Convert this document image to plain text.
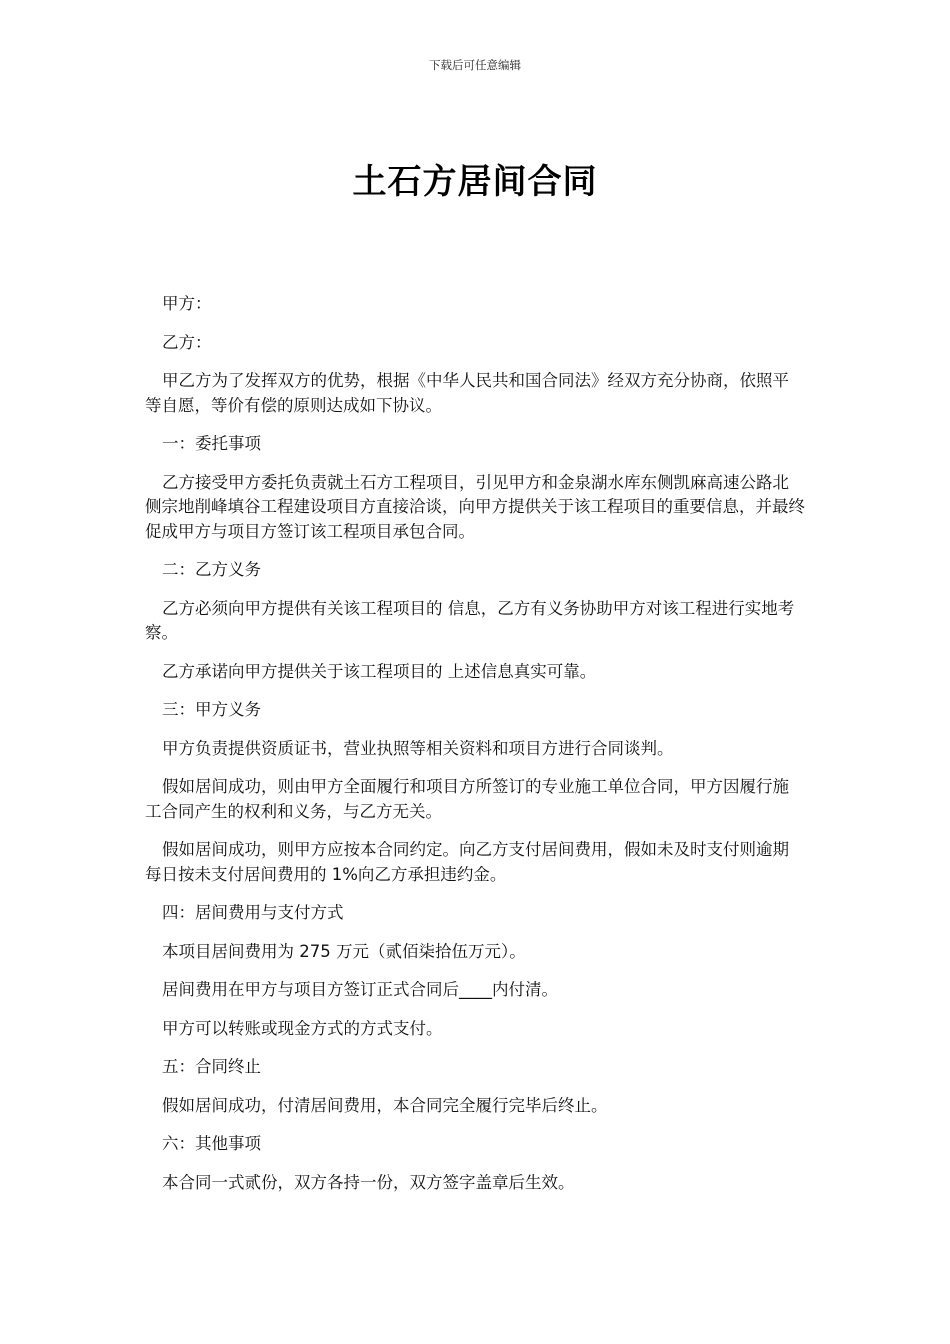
下载后可任意编辑
土石方居间合同

甲方：

乙方：

甲乙方为了发挥双方的优势，根据《中华人民共和国合同法》经双方充分协商，依照平等自愿，等价有偿的原则达成如下协议。

一：委托事项

乙方接受甲方委托负责就土石方工程项目，引见甲方和金泉湖水库东侧凯麻高速公路北侧宗地削峰填谷工程建设项目方直接洽谈，向甲方提供关于该工程项目的重要信息，并最终促成甲方与项目方签订该工程项目承包合同。

二：乙方义务

乙方必须向甲方提供有关该工程项目的 信息，乙方有义务协助甲方对该工程进行实地考察。

乙方承诺向甲方提供关于该工程项目的 上述信息真实可靠。

三：甲方义务

甲方负责提供资质证书，营业执照等相关资料和项目方进行合同谈判。

假如居间成功，则由甲方全面履行和项目方所签订的专业施工单位合同，甲方因履行施工合同产生的权利和义务，与乙方无关。

假如居间成功，则甲方应按本合同约定。向乙方支付居间费用，假如未及时支付则逾期每日按未支付居间费用的 1%向乙方承担违约金。

四：居间费用与支付方式

本项目居间费用为 275 万元（贰佰柒拾伍万元）。

居间费用在甲方与项目方签订正式合同后____内付清。

甲方可以转账或现金方式的方式支付。

五：合同终止

假如居间成功，付清居间费用，本合同完全履行完毕后终止。

六：其他事项

本合同一式贰份，双方各持一份，双方签字盖章后生效。
